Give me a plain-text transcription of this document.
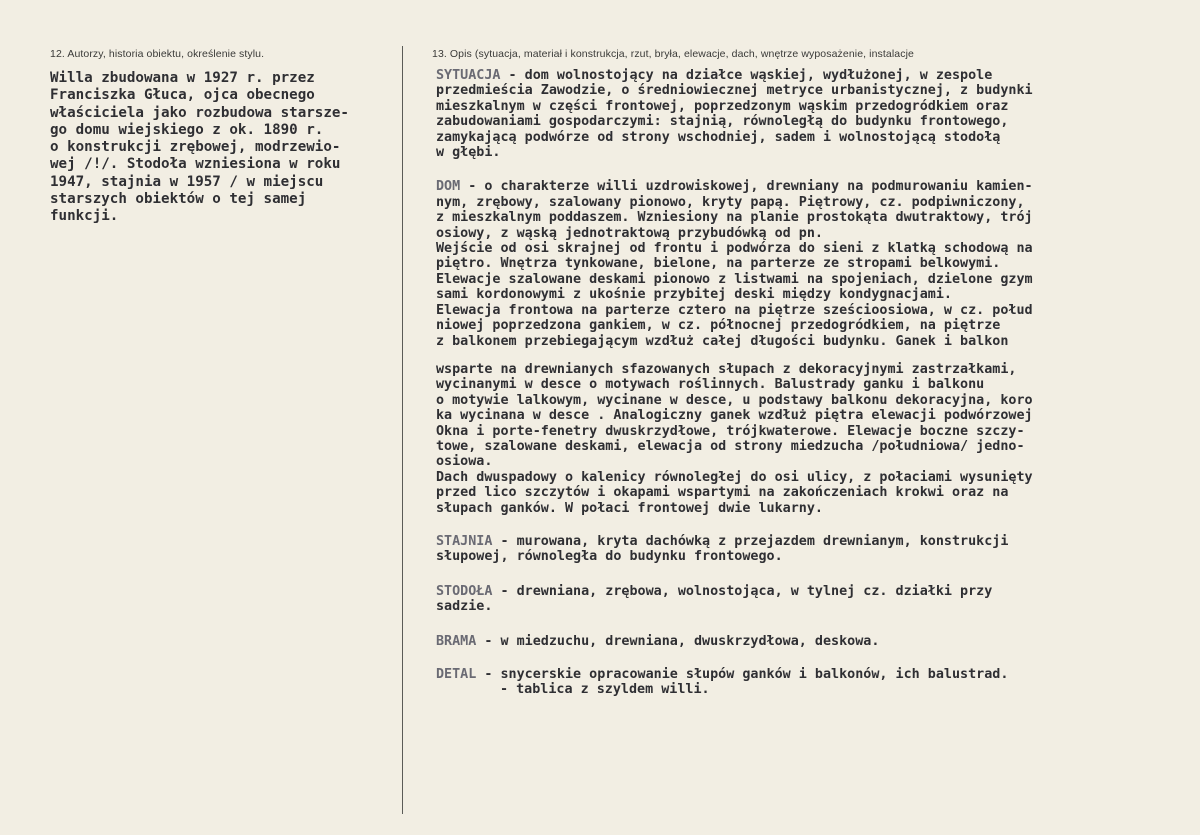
12. Autorzy, historia obiektu, określenie stylu.	13. Opis (sytuacja, materiał i konstrukcja, rzut, bryła, elewacje, dach, wnętrze wyposażenie, instalacje
Willa zbudowana w 1927 r. przez
Franciszka Głuca, ojca obecnego
właściciela jako rozbudowa starsze-
go domu wiejskiego z ok. 1890 r.
o konstrukcji zrębowej, modrzewio-
wej /!/. Stodoła wzniesiona w roku
1947, stajnia w 1957 / w miejscu
starszych obiektów o tej samej
funkcji.
SYTUACJA - dom wolnostojący na działce wąskiej, wydłużonej, w zespole
przedmieścia Zawodzie, o średniowiecznej metryce urbanistycznej, z budynki
mieszkalnym w części frontowej, poprzedzonym wąskim przedogródkiem oraz
zabudowaniami gospodarczymi: stajnią, równoległą do budynku frontowego,
zamykającą podwórze od strony wschodniej, sadem i wolnostojącą stodołą
w głębi.
DOM - o charakterze willi uzdrowiskowej, drewniany na podmurowaniu kamien-
nym, zrębowy, szalowany pionowo, kryty papą. Piętrowy, cz. podpiwniczony,
z mieszkalnym poddaszem. Wzniesiony na planie prostokąta dwutraktowy, trój
osiowy, z wąską jednotraktową przybudówką od pn.
Wejście od osi skrajnej od frontu i podwórza do sieni z klatką schodową na
piętro. Wnętrza tynkowane, bielone, na parterze ze stropami belkowymi.
Elewacje szalowane deskami pionowo z listwami na spojeniach, dzielone gzym
sami kordonowymi z ukośnie przybitej deski między kondygnacjami.
Elewacja frontowa na parterze cztero na piętrze sześcioosiowa, w cz. połud
niowej poprzedzona gankiem, w cz. północnej przedogródkiem, na piętrze
z balkonem przebiegającym wzdłuż całej długości budynku. Ganek i balkon
wsparte na drewnianych sfazowanych słupach z dekoracyjnymi zastrzałkami,
wycinanymi w desce o motywach roślinnych. Balustrady ganku i balkonu
o motywie lalkowym, wycinane w desce, u podstawy balkonu dekoracyjna, koro
ka wycinana w desce . Analogiczny ganek wzdłuż piętra elewacji podwórzowej
Okna i porte-fenetry dwuskrzydłowe, trójkwaterowe. Elewacje boczne szczy-
towe, szalowane deskami, elewacja od strony miedzucha /południowa/ jedno-
osiowa.
Dach dwuspadowy o kalenicy równoległej do osi ulicy, z połaciami wysunięty
przed lico szczytów i okapami wspartymi na zakończeniach krokwi oraz na
słupach ganków. W połaci frontowej dwie lukarny.
STAJNIA - murowana, kryta dachówką z przejazdem drewnianym, konstrukcji
słupowej, równoległa do budynku frontowego.
STODOŁA - drewniana, zrębowa, wolnostojąca, w tylnej cz. działki przy
sadzie.
BRAMA - w miedzuchu, drewniana, dwuskrzydłowa, deskowa.
DETAL - snycerskie opracowanie słupów ganków i balkonów, ich balustrad.
- tablica z szyldem willi.
